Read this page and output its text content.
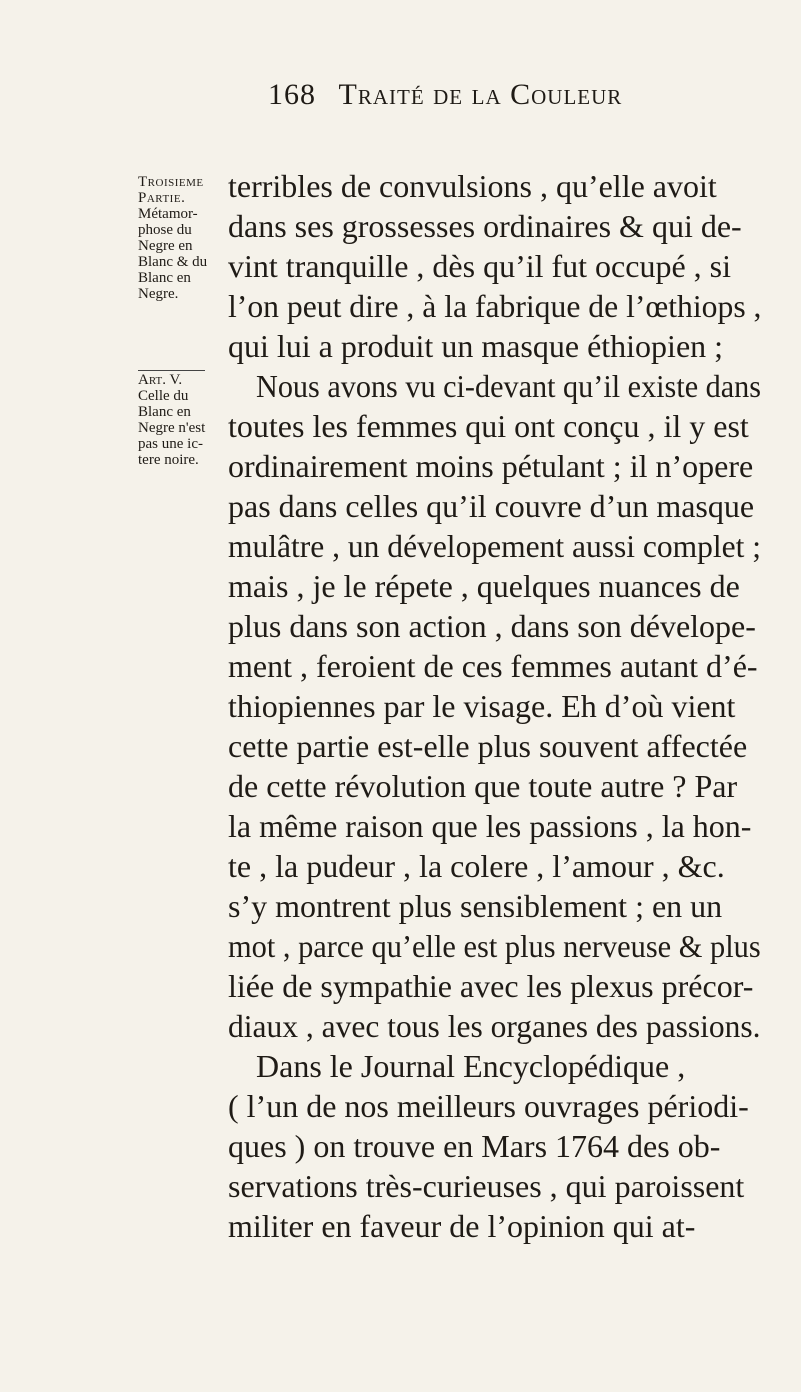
168 Traité de la Couleur
Troisieme
Partie.
Métamor-
phose du
Negre en
Blanc & du
Blanc en
Negre.
Art. V.
Celle du
Blanc en
Negre n'est
pas une ic-
tere noire.
terribles de convulsions , qu’elle avoit
dans ses grossesses ordinaires & qui de-
vint tranquille , dès qu’il fut occupé , si
l’on peut dire , à la fabrique de l’œthiops ,
qui lui a produit un masque éthiopien ;
Nous avons vu ci-devant qu’il existe dans
toutes les femmes qui ont conçu , il y est
ordinairement moins pétulant ; il n’opere
pas dans celles qu’il couvre d’un masque
mulâtre , un dévelopement aussi complet ;
mais , je le répete , quelques nuances de
plus dans son action , dans son dévelope-
ment , feroient de ces femmes autant d’é-
thiopiennes par le visage. Eh d’où vient
cette partie est-elle plus souvent affectée
de cette révolution que toute autre ? Par
la même raison que les passions , la hon-
te , la pudeur , la colere , l’amour , &c.
s’y montrent plus sensiblement ; en un
mot , parce qu’elle est plus nerveuse & plus
liée de sympathie avec les plexus précor-
diaux , avec tous les organes des passions.
Dans le Journal Encyclopédique ,
( l’un de nos meilleurs ouvrages périodi-
ques ) on trouve en Mars 1764 des ob-
servations très-curieuses , qui paroissent
militer en faveur de l’opinion qui at-
